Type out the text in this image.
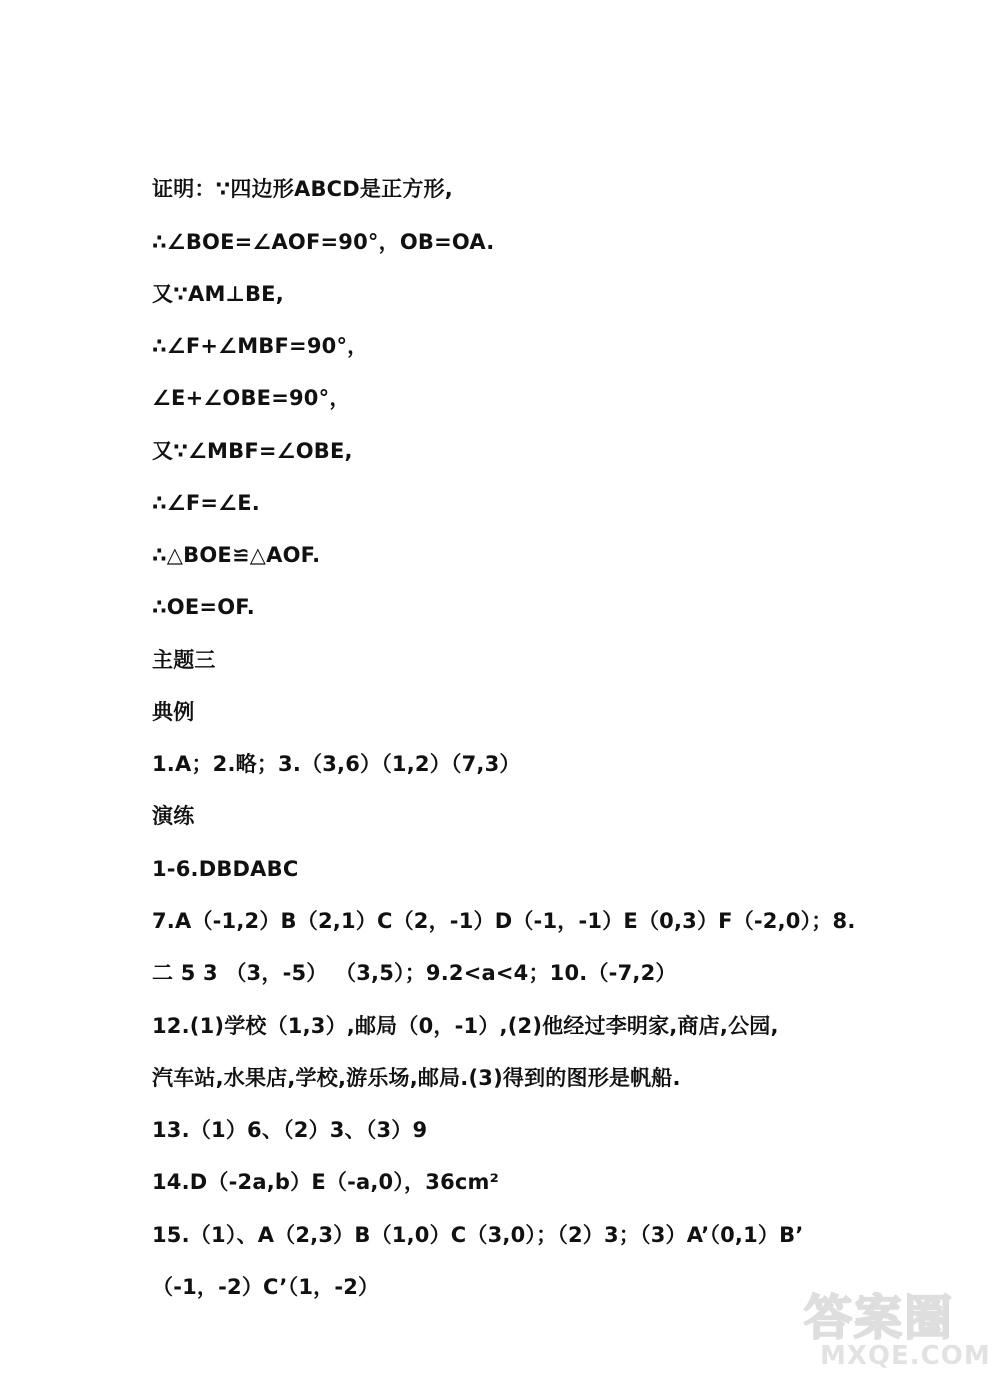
证明：∵四边形ABCD是正方形,
∴∠BOE=∠AOF=90°，OB=OA.
又∵AM⊥BE,
∴∠F+∠MBF=90°，
∠E+∠OBE=90°，
又∵∠MBF=∠OBE,
∴∠F=∠E.
∴△BOE≌△AOF.
∴OE=OF.
主题三
典例
1.A；2.略；3.（3,6）（1,2）（7,3）
演练
1-6.DBDABC
7.A（-1,2）B（2,1）C（2，-1）D（-1，-1）E（0,3）F（-2,0）；8.
二 5 3 （3，-5） （3,5）；9.2<a<4；10.（-7,2）
12.(1)学校（1,3）,邮局（0，-1）,(2)他经过李明家,商店,公园,
汽车站,水果店,学校,游乐场,邮局.(3)得到的图形是帆船.
13.（1）6、（2）3、（3）9
14.D（-2a,b）E（-a,0），36cm²
15.（1）、A（2,3）B（1,0）C（3,0）；（2）3；（3）A’（0,1）B’
（-1，-2）C’（1，-2）
答案圈
MXQE.COM
